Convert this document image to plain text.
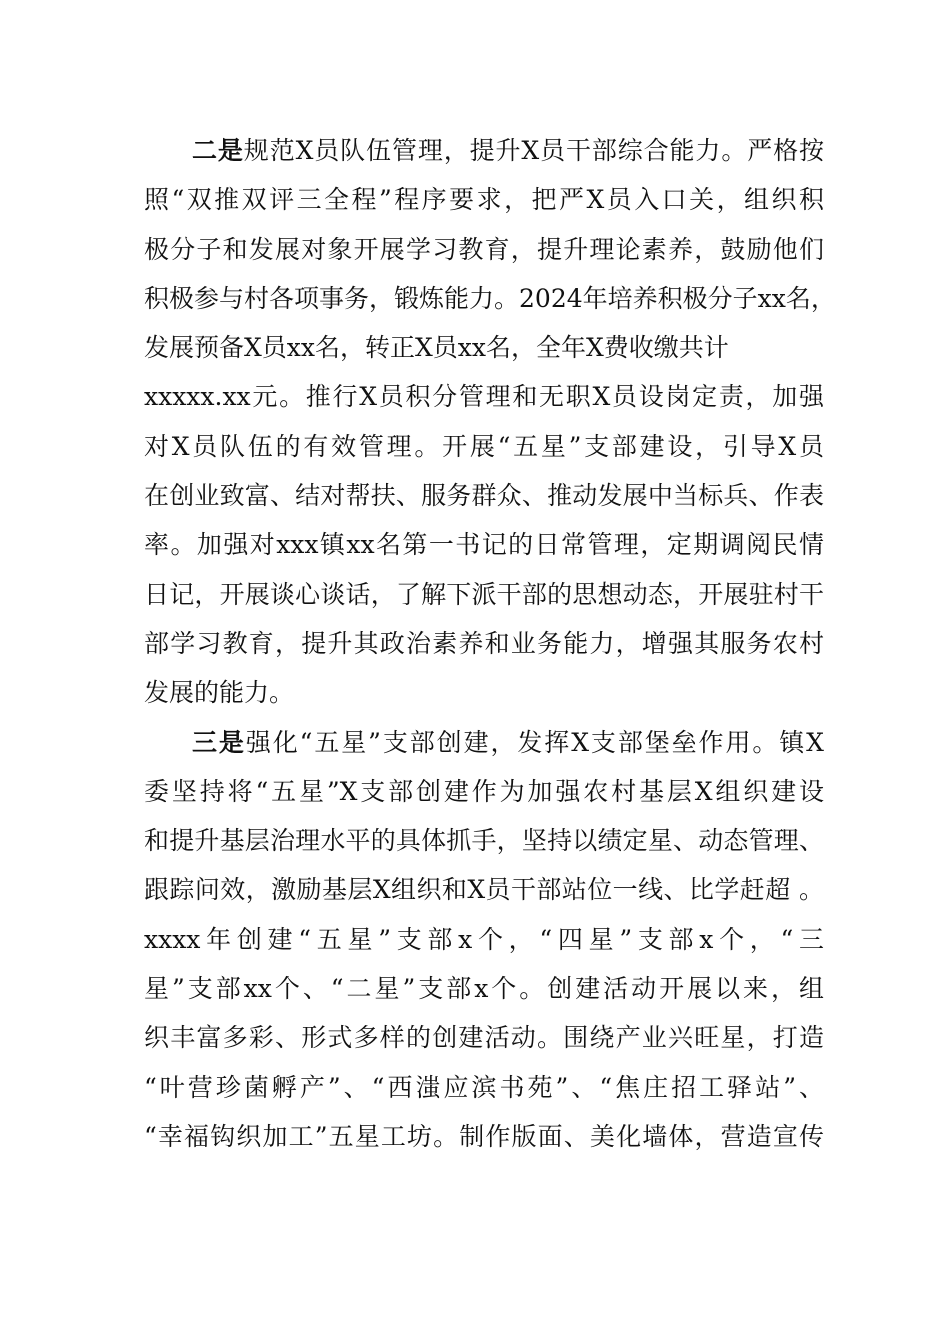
二是规范X员队伍管理，提升X员干部综合能力。严格按
照“双推双评三全程”程序要求，把严X员入口关，组织积
极分子和发展对象开展学习教育，提升理论素养，鼓励他们
积极参与村各项事务，锻炼能力。2024年培养积极分子xx名，
发展预备X员xx名，转正X员xx名，全年X费收缴共计
xxxxx.xx元。推行X员积分管理和无职X员设岗定责，加强
对X员队伍的有效管理。开展“五星”支部建设，引导X员
在创业致富、结对帮扶、服务群众、推动发展中当标兵、作表
率。加强对xxx镇xx名第一书记的日常管理，定期调阅民情
日记，开展谈心谈话，了解下派干部的思想动态，开展驻村干
部学习教育，提升其政治素养和业务能力，增强其服务农村
发展的能力。
三是强化“五星”支部创建，发挥X支部堡垒作用。镇X
委坚持将“五星”X支部创建作为加强农村基层X组织建设
和提升基层治理水平的具体抓手，坚持以绩定星、动态管理、
跟踪问效，激励基层X组织和X员干部站位一线、比学赶超 。
xxxx年创建“五星”支部x个，“四星”支部x个，“三
星”支部xx个、“二星”支部x个。创建活动开展以来，组
织丰富多彩、形式多样的创建活动。围绕产业兴旺星，打造
“叶营珍菌孵产”、“西滍应滨书苑”、“焦庄招工驿站”、
“幸福钩织加工”五星工坊。制作版面、美化墙体，营造宣传
